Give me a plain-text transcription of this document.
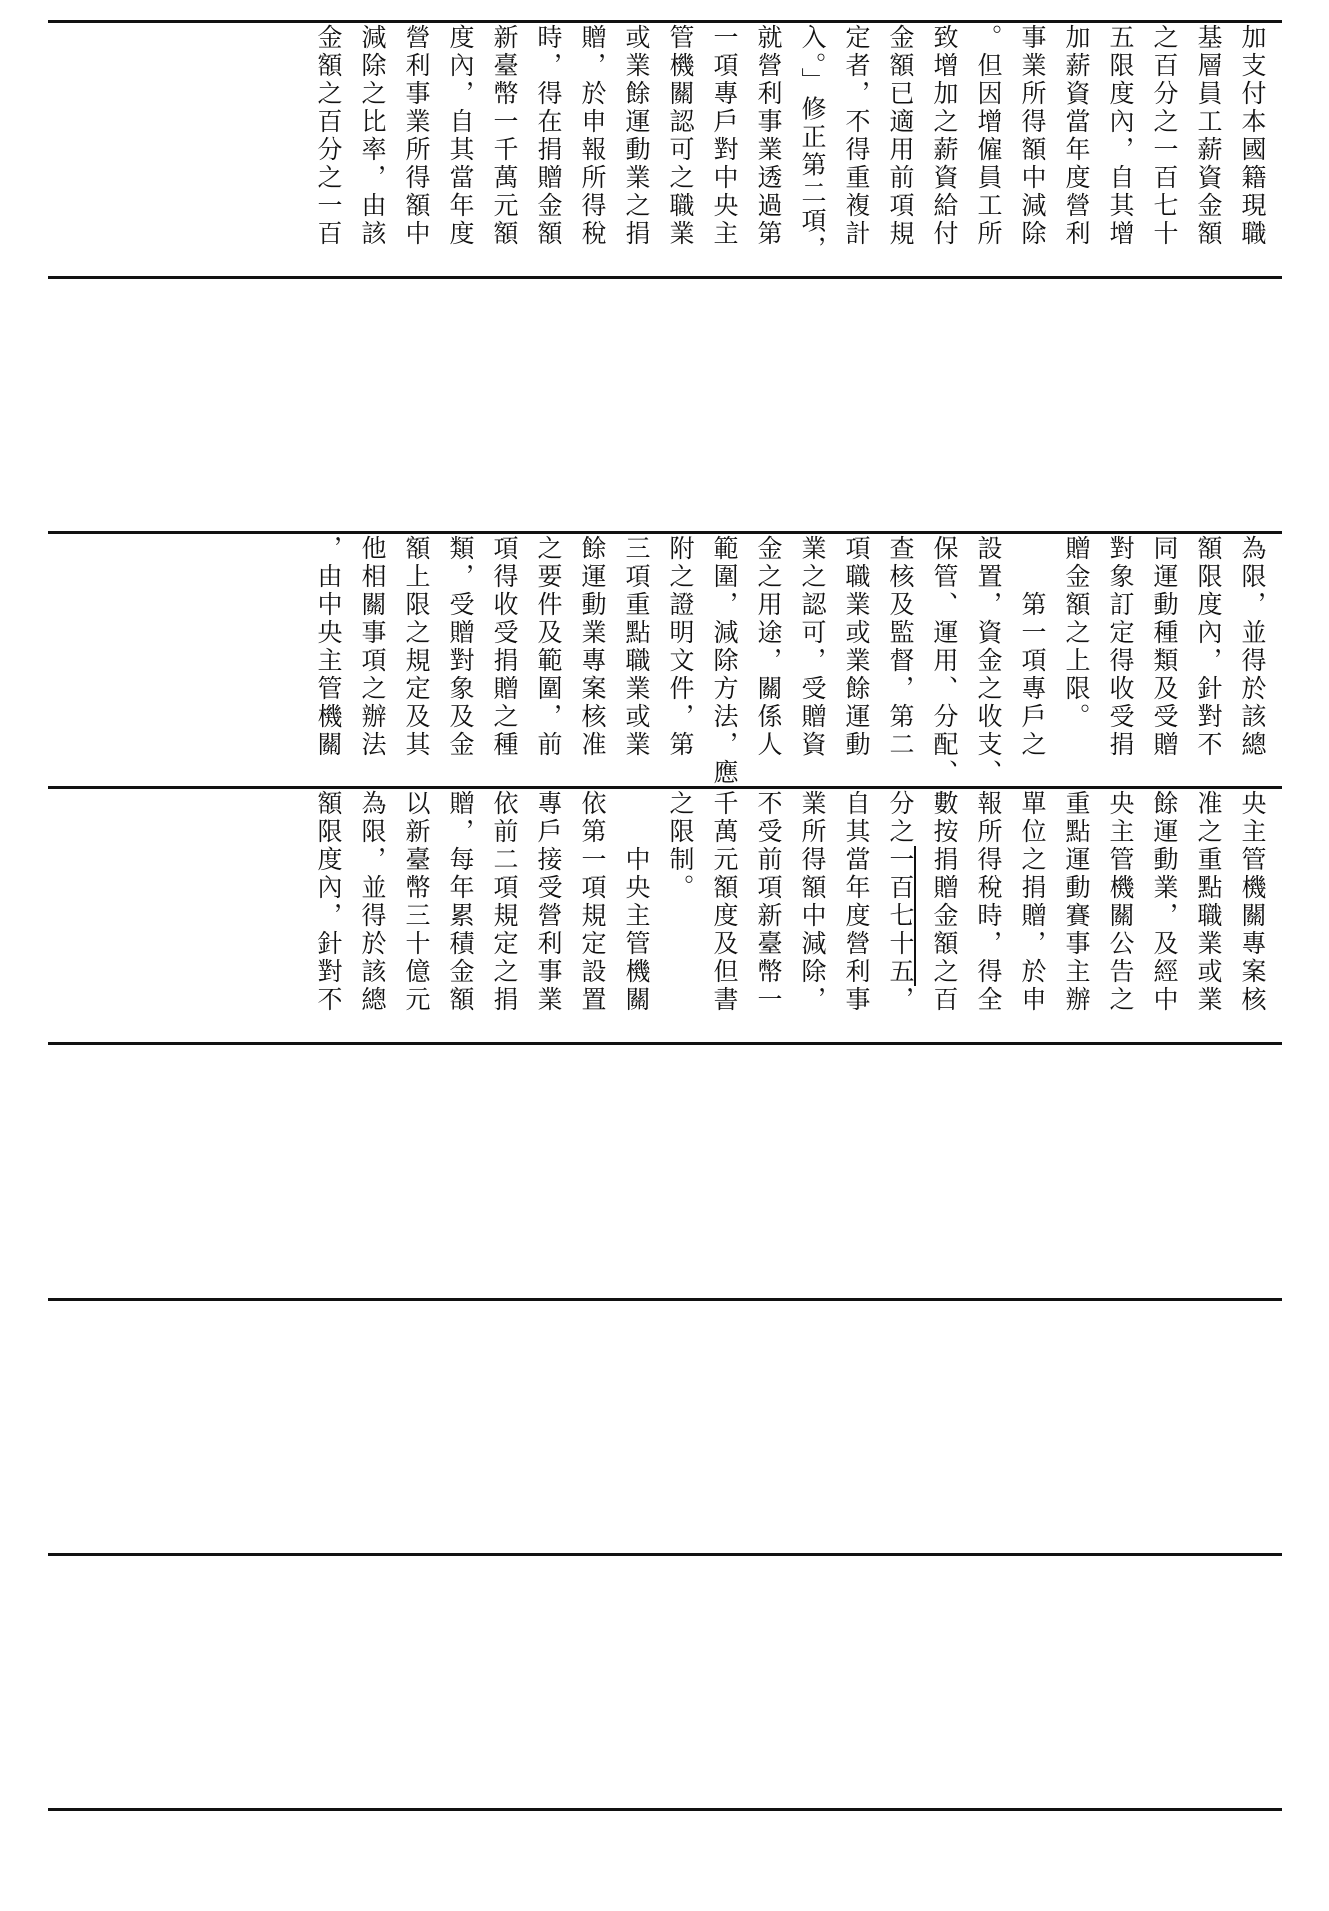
加支付本國籍現職
基層員工薪資金額
之百分之一百七十
五限度內，自其增
加薪資當年度營利
事業所得額中減除
。但因增僱員工所
致增加之薪資給付
金額已適用前項規
定者，不得重複計
入。」修正第二項，
就營利事業透過第
一項專戶對中央主
管機關認可之職業
或業餘運動業之捐
贈，於申報所得稅
時，得在捐贈金額
新臺幣一千萬元額
度內，自其當年度
營利事業所得額中
減除之比率，由該
金額之百分之一百
為限，並得於該總
額限度內，針對不
同運動種類及受贈
對象訂定得收受捐
贈金額之上限。
　　第一項專戶之
設置，資金之收支、
保管、運用、分配、
查核及監督，第二
項職業或業餘運動
業之認可，受贈資
金之用途，關係人
範圍，減除方法，應
附之證明文件，第
三項重點職業或業
餘運動業專案核准
之要件及範圍，前
項得收受捐贈之種
類，受贈對象及金
額上限之規定及其
他相關事項之辦法
，由中央主管機關
央主管機關專案核
准之重點職業或業
餘運動業，及經中
央主管機關公告之
重點運動賽事主辦
單位之捐贈，於申
報所得稅時，得全
數按捐贈金額之百
分之一百七十五，
自其當年度營利事
業所得額中減除，
不受前項新臺幣一
千萬元額度及但書
之限制。
　　中央主管機關
依第一項規定設置
專戶接受營利事業
依前二項規定之捐
贈，每年累積金額
以新臺幣三十億元
為限，並得於該總
額限度內，針對不
